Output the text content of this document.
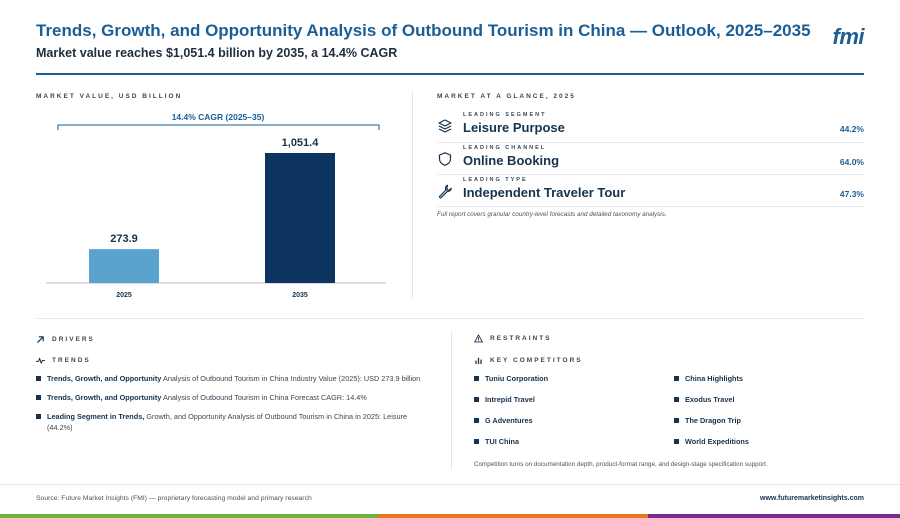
Trends, Growth, and Opportunity Analysis of Outbound Tourism in China — Outlook, 2025–2035
Market value reaches $1,051.4 billion by 2035, a 14.4% CAGR
fmi
MARKET VALUE, USD BILLION
14.4% CAGR (2025–35)
273.9
2025
1,051.4
2035
MARKET AT A GLANCE, 2025
LEADING SEGMENT
Leisure Purpose	44.2%
LEADING CHANNEL
Online Booking	64.0%
LEADING TYPE
Independent Traveler Tour	47.3%
Full report covers granular country-level forecasts and detailed taxonomy analysis.
DRIVERS
TRENDS
Trends, Growth, and Opportunity Analysis of Outbound Tourism in China Industry Value (2025): USD 273.9 billion
Trends, Growth, and Opportunity Analysis of Outbound Tourism in China Forecast CAGR: 14.4%
Leading Segment in Trends, Growth, and Opportunity Analysis of Outbound Tourism in China in 2025: Leisure (44.2%)
RESTRAINTS
KEY COMPETITORS
Tuniu Corporation	China Highlights
Intrepid Travel	Exodus Travel
G Adventures	The Dragon Trip
TUI China	World Expeditions
Competition turns on documentation depth, product-format range, and design-stage specification support.
Source: Future Market Insights (FMI) — proprietary forecasting model and primary research	www.futuremarketinsights.com
